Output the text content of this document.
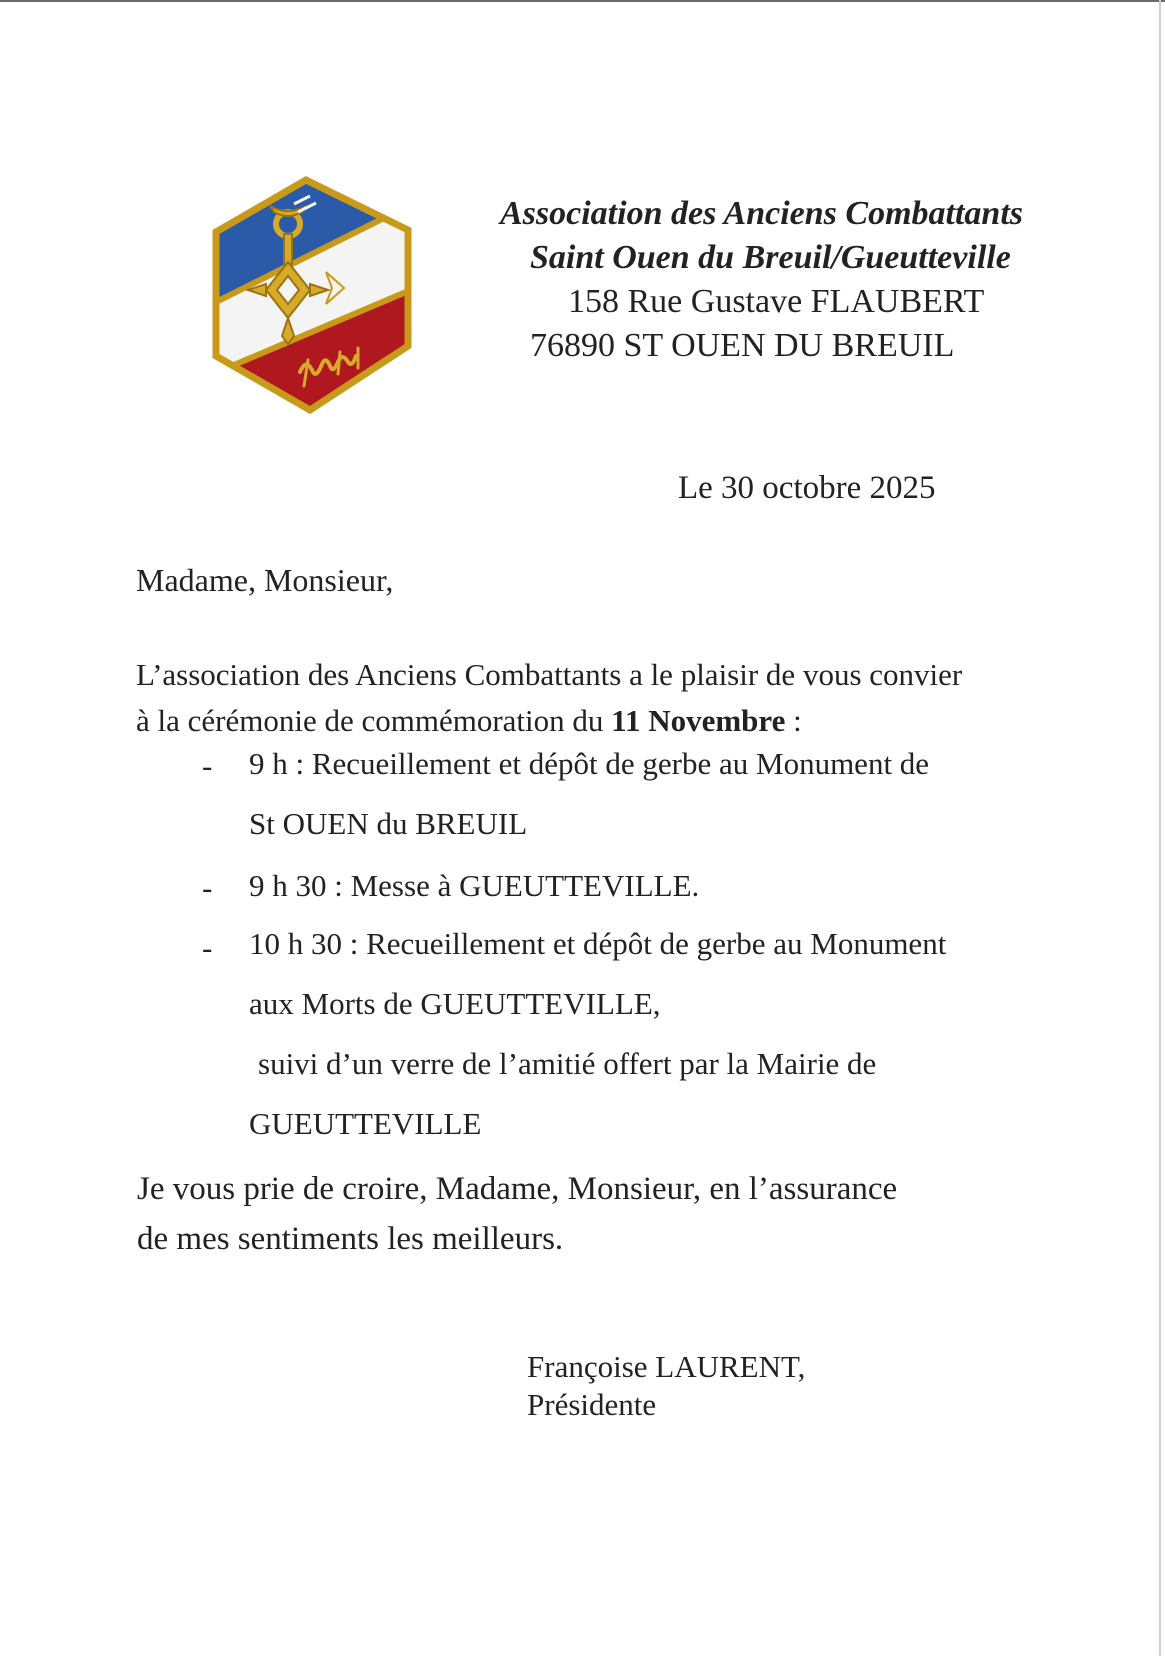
Association des Anciens Combattants
Saint Ouen du Breuil/Gueutteville
158 Rue Gustave FLAUBERT
76890 ST OUEN DU BREUIL
Le 30 octobre 2025
Madame, Monsieur,
L’association des Anciens Combattants a le plaisir de vous convier
à la cérémonie de commémoration du 11 Novembre :
- 9 h : Recueillement et dépôt de gerbe au Monument de
St OUEN du BREUIL
- 9 h 30 : Messe à GUEUTTEVILLE.
- 10 h 30 : Recueillement et dépôt de gerbe au Monument
aux Morts de GUEUTTEVILLE,
suivi d’un verre de l’amitié offert par la Mairie de
GUEUTTEVILLE
Je vous prie de croire, Madame, Monsieur, en l’assurance
de mes sentiments les meilleurs.
Françoise LAURENT,
Présidente
